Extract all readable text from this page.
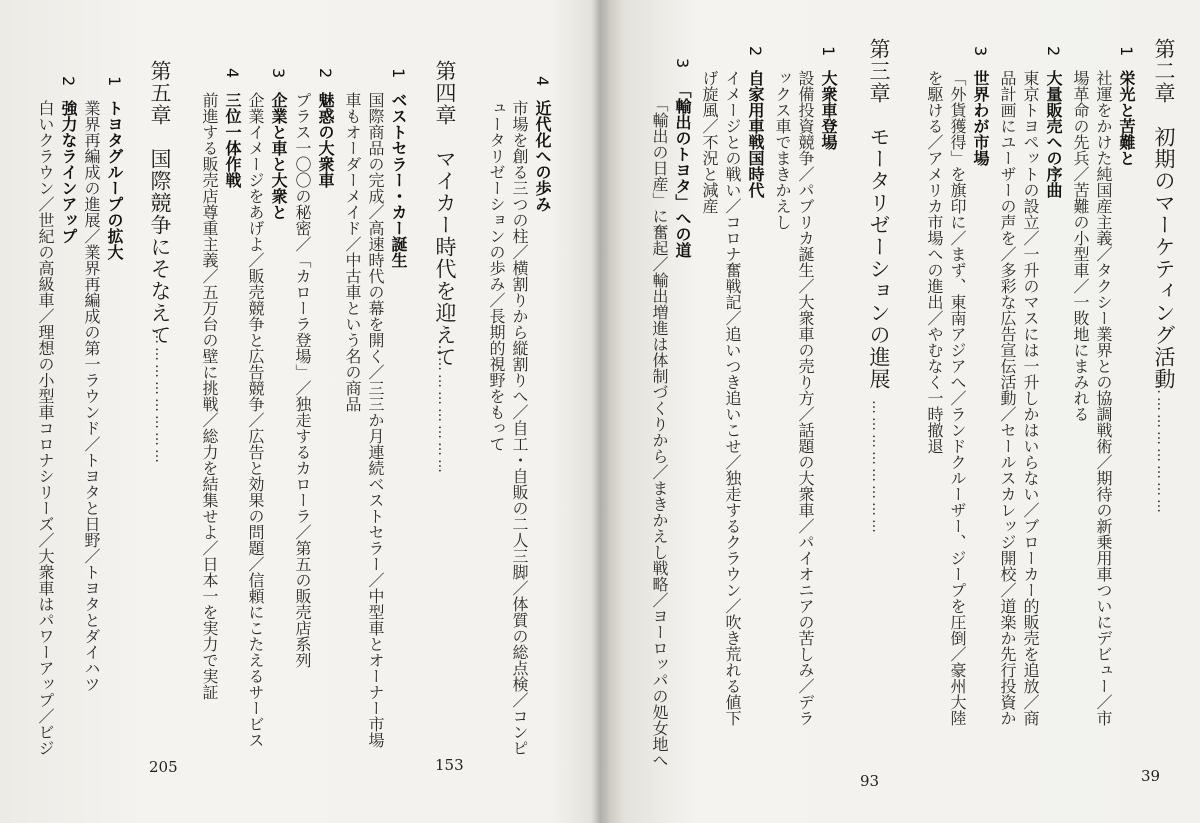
第二章　初期のマーケティング活動
……………………
39
1
栄光と苦難と
社運をかけた純国産主義／タクシー業界との協調戦術／期待の新乗用車ついにデビュー／市
場革命の先兵／苦難の小型車／一敗地にまみれる
2
大量販売への序曲
東京トヨペットの設立／一升のマスには一升しかはいらない／ブローカー的販売を追放／商
品計画にユーザーの声を／多彩な広告宣伝活動／セールスカレッジ開校／道楽か先行投資か
3
世界わが市場
「外貨獲得」を旗印に／まず、東南アジアへ／ランドクルーザー、ジープを圧倒／豪州大陸
を駆ける／アメリカ市場への進出／やむなく一時撤退
第三章　モータリゼーションの進展
……………………
93
1
大衆車登場
設備投資競争／パブリカ誕生／大衆車の売り方／話題の大衆車／パイオニアの苦しみ／デラ
ックス車でまきかえし
2
自家用車戦国時代
イメージとの戦い／コロナ奮戦記／追いつき追いこせ／独走するクラウン／吹き荒れる値下
げ旋風／不況と減産
3
「輸出のトヨタ」への道
「輸出の日産」に奮起／輸出増進は体制づくりから／まきかえし戦略／ヨーロッパの処女地へ
4
近代化への歩み
市場を創る三つの柱／横割りから縦割りへ／自工・自販の二人三脚／体質の総点検／コンピ
ュータリゼーションの歩み／長期的視野をもって
第四章　マイカー時代を迎えて
……………………
153
1
ベストセラー・カー誕生
国際商品の完成／高速時代の幕を開く／三三か月連続ベストセラー／中型車とオーナー市場
車もオーダーメイド／中古車という名の商品
2
魅惑の大衆車
プラス一〇〇の秘密／「カローラ登場」／独走するカローラ／第五の販売店系列
3
企業と車と大衆と
企業イメージをあげよ／販売競争と広告競争／広告と効果の問題／信頼にこたえるサービス
4
三位一体作戦
前進する販売店尊重主義／五万台の壁に挑戦／総力を結集せよ／日本一を実力で実証
第五章　国際競争にそなえて
……………………
205
1
トヨタグループの拡大
業界再編成の進展／業界再編成の第一ラウンド／トヨタと日野／トヨタとダイハツ
2
強力なラインアップ
白いクラウン／世紀の高級車／理想の小型車コロナシリーズ／大衆車はパワーアップ／ビジ
